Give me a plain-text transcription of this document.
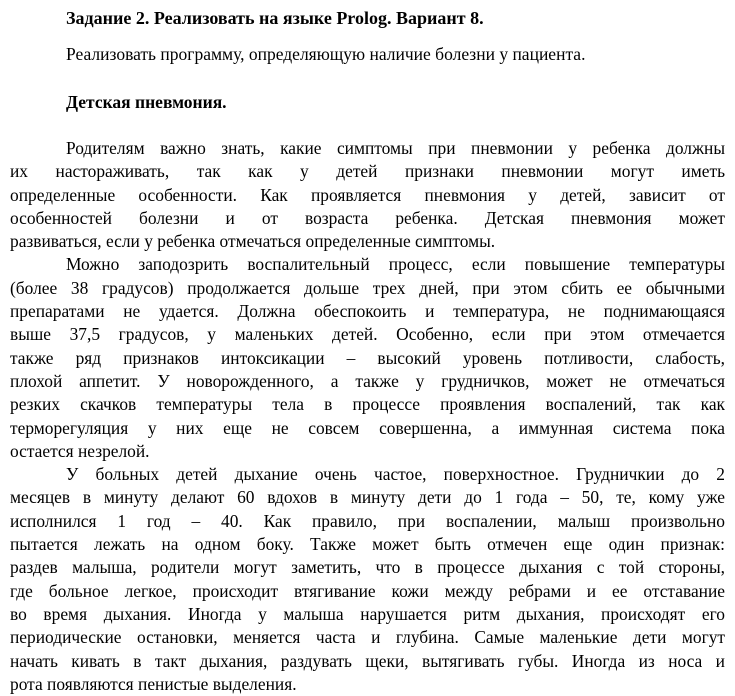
Задание 2. Реализовать на языке Prolog. Вариант 8.

Реализовать программу, определяющую наличие болезни у пациента.

Детская пневмония.
Родителям важно знать, какие симптомы при пневмонии у ребенка должны
их настораживать, так как у детей признаки пневмонии могут иметь
определенные особенности. Как проявляется пневмония у детей, зависит от
особенностей болезни и от возраста ребенка. Детская пневмония может
развиваться, если у ребенка отмечаться определенные симптомы.
Можно заподозрить воспалительный процесс, если повышение температуры
(более 38 градусов) продолжается дольше трех дней, при этом сбить ее обычными
препаратами не удается. Должна обеспокоить и температура, не поднимающаяся
выше 37,5 градусов, у маленьких детей. Особенно, если при этом отмечается
также ряд признаков интоксикации – высокий уровень потливости, слабость,
плохой аппетит. У новорожденного, а также у грудничков, может не отмечаться
резких скачков температуры тела в процессе проявления воспалений, так как
терморегуляция у них еще не совсем совершенна, а иммунная система пока
остается незрелой.
У больных детей дыхание очень частое, поверхностное. Грудничкии до 2
месяцев в минуту делают 60 вдохов в минуту дети до 1 года – 50, те, кому уже
исполнился 1 год – 40. Как правило, при воспалении, малыш произвольно
пытается лежать на одном боку. Также может быть отмечен еще один признак:
раздев малыша, родители могут заметить, что в процессе дыхания с той стороны,
где больное легкое, происходит втягивание кожи между ребрами и ее отставание
во время дыхания. Иногда у малыша нарушается ритм дыхания, происходят его
периодические остановки, меняется часта и глубина. Самые маленькие дети могут
начать кивать в такт дыхания, раздувать щеки, вытягивать губы. Иногда из носа и
рота появляются пенистые выделения.
